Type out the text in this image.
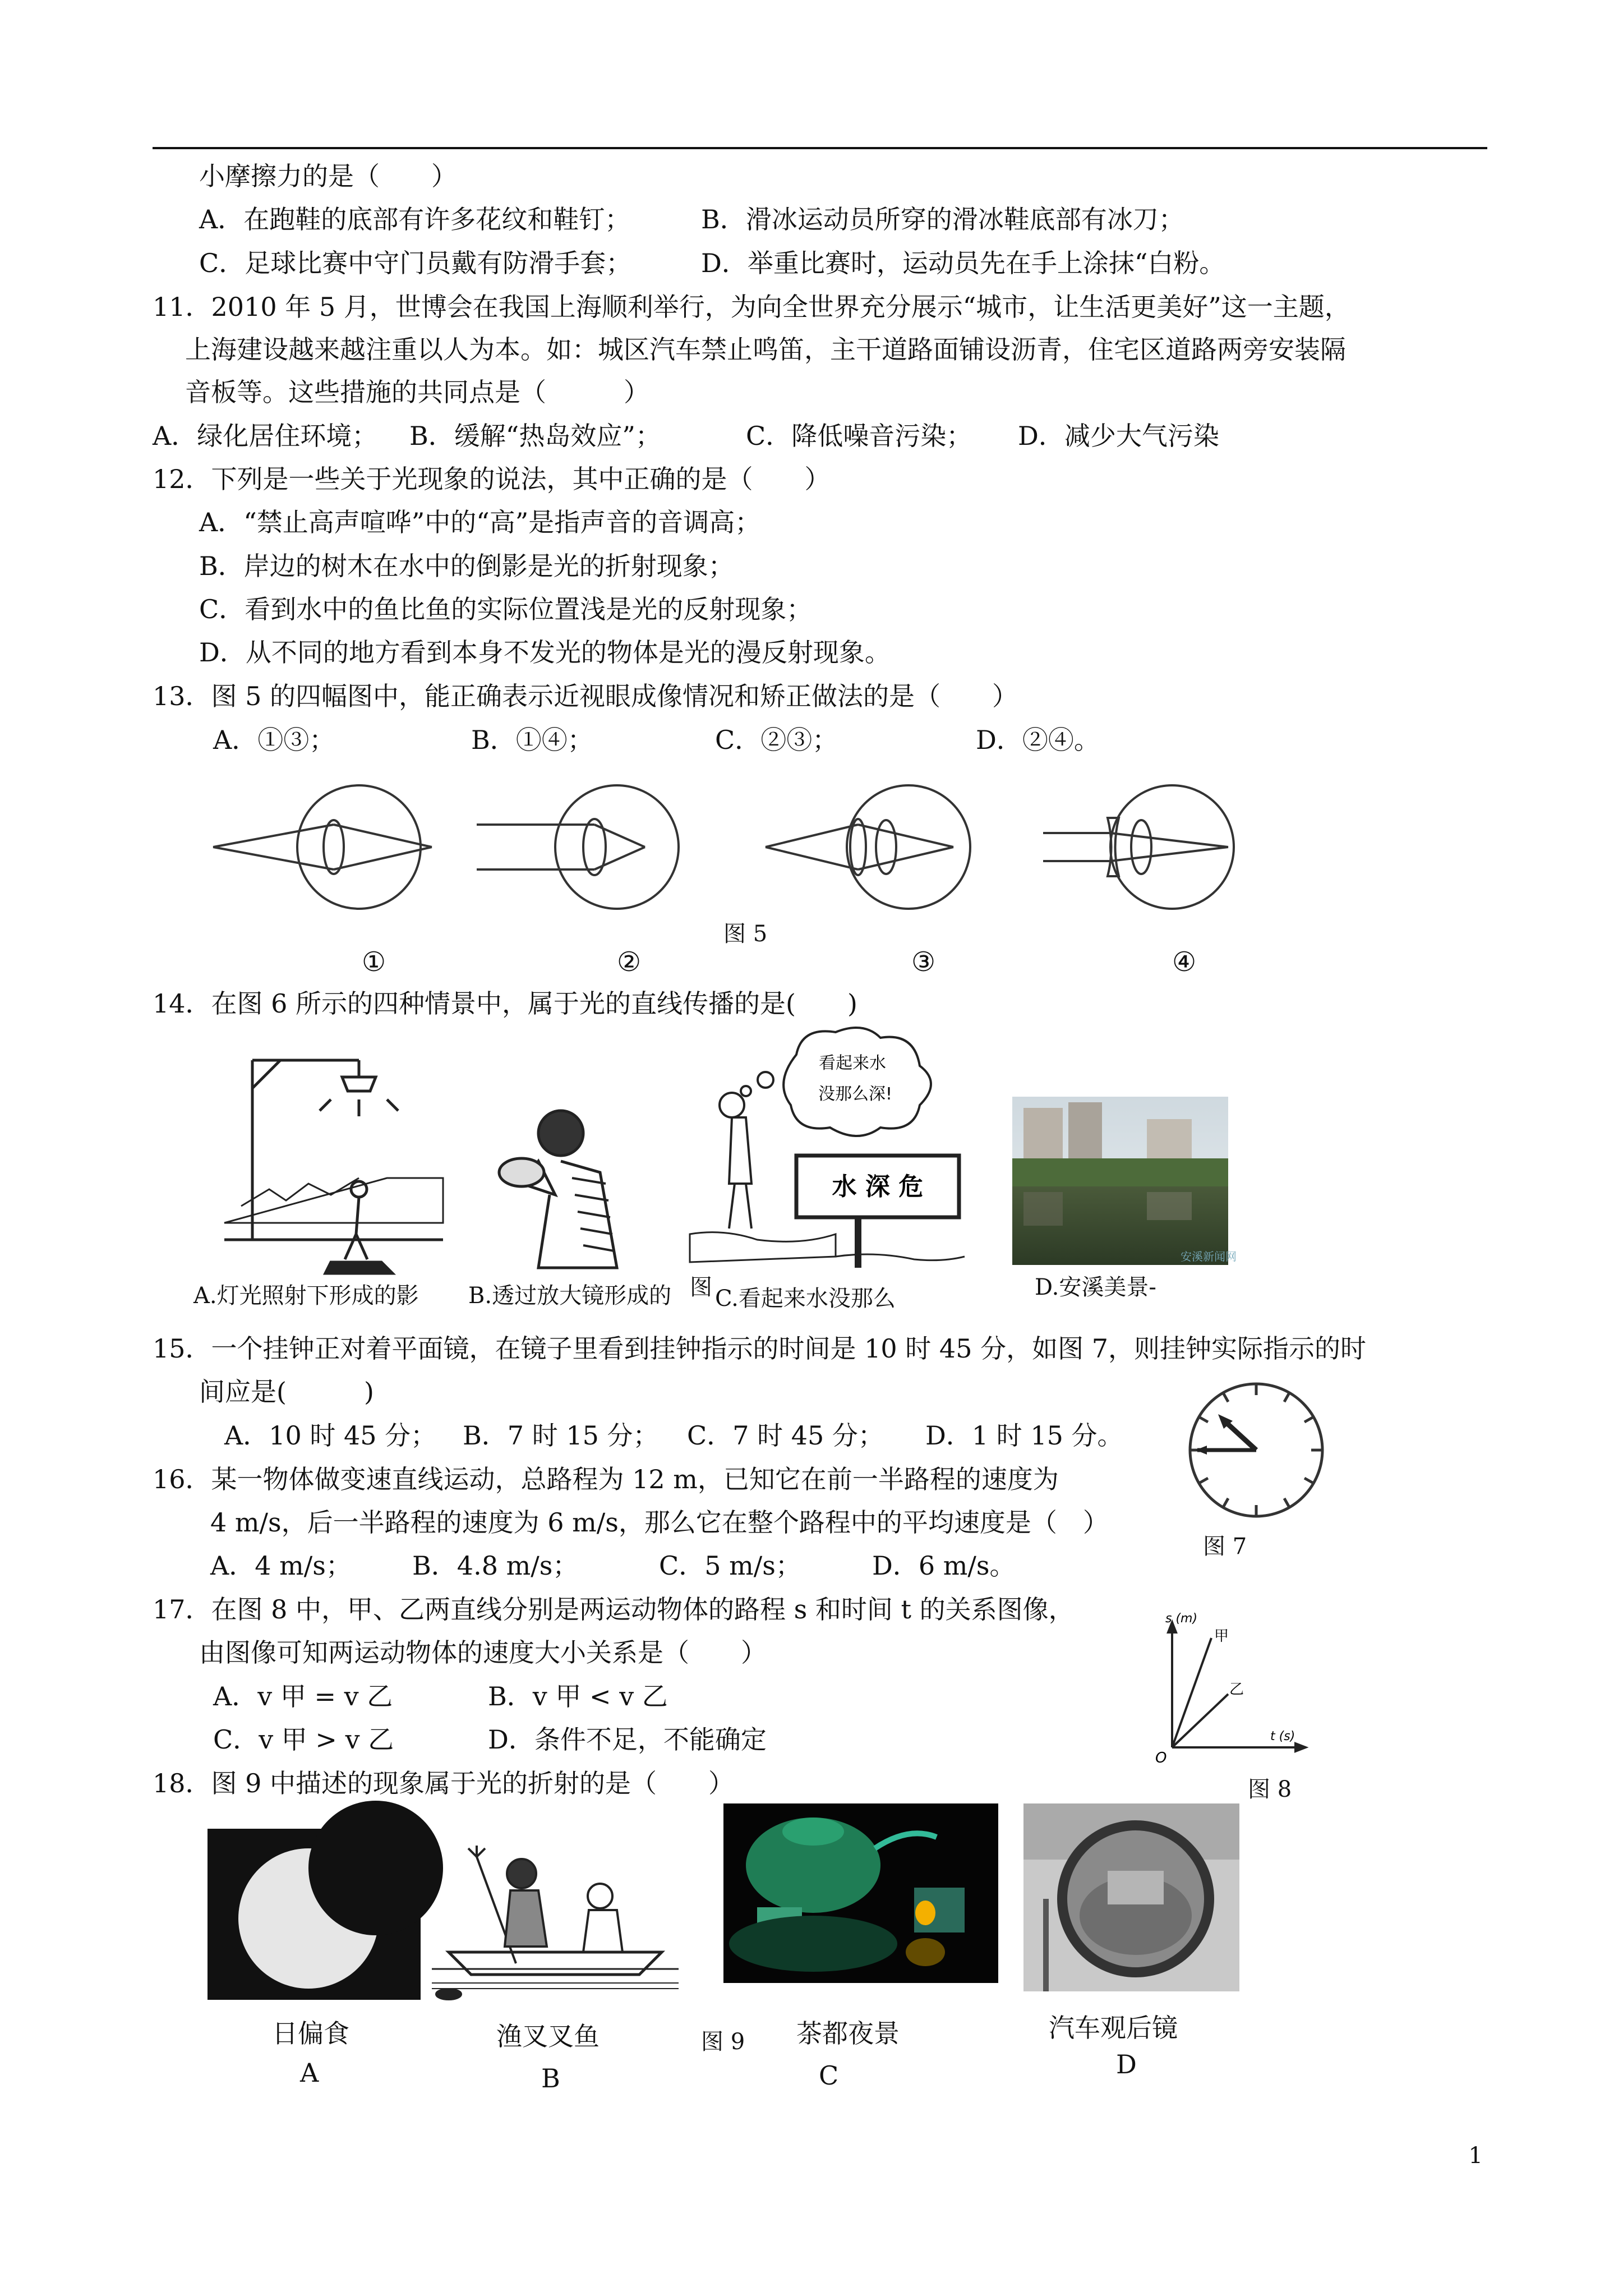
小摩擦力的是（　　）
A．在跑鞋的底部有许多花纹和鞋钉；	B．滑冰运动员所穿的滑冰鞋底部有冰刀；
C．足球比赛中守门员戴有防滑手套；	D．举重比赛时，运动员先在手上涂抹“白粉。
11．2010 年 5 月，世博会在我国上海顺利举行，为向全世界充分展示“城市，让生活更美好”这一主题，
上海建设越来越注重以人为本。如：城区汽车禁止鸣笛，主干道路面铺设沥青，住宅区道路两旁安装隔
音板等。这些措施的共同点是（　　　）
A．绿化居住环境； B．缓解“热岛效应”；	C．降低噪音污染； D．减少大气污染
12．下列是一些关于光现象的说法，其中正确的是（　　）
A．“禁止高声喧哗”中的“高”是指声音的音调高；
B．岸边的树木在水中的倒影是光的折射现象；
C．看到水中的鱼比鱼的实际位置浅是光的反射现象；
D．从不同的地方看到本身不发光的物体是光的漫反射现象。
13．图 5 的四幅图中，能正确表示近视眼成像情况和矫正做法的是（　　）
A．①③；	B．①④；	C．②③；	D．②④。
图 5
①	②	③	④
14．在图 6 所示的四种情景中，属于光的直线传播的是(　　)
A.灯光照射下形成的影 B.透过放大镜形成的
看起来水
没那么深!
水 深 危
图 C.看起来水没那么
安溪新闻网
D.安溪美景-
15．一个挂钟正对着平面镜，在镜子里看到挂钟指示的时间是 10 时 45 分，如图 7，则挂钟实际指示的时
间应是(　　　)
A．10 时 45 分； B．7 时 15 分； C．7 时 45 分； D．1 时 15 分。
16．某一物体做变速直线运动，总路程为 12 m，已知它在前一半路程的速度为
4 m/s，后一半路程的速度为 6 m/s，那么它在整个路程中的平均速度是（　）
图 7
A．4 m/s； B．4.8 m/s；	C．5 m/s；	D．6 m/s。
17．在图 8 中，甲、乙两直线分别是两运动物体的路程 s 和时间 t 的关系图像，
由图像可知两运动物体的速度大小关系是（　　）
A．v 甲 = v 乙	B．v 甲 < v 乙
C．v 甲 > v 乙	D．条件不足，不能确定
s (m)
t (s)
O
甲
乙
图 8
18．图 9 中描述的现象属于光的折射的是（　　）
日偏食
A
渔叉叉鱼
B
图 9 茶都夜景
C
汽车观后镜
D
1
